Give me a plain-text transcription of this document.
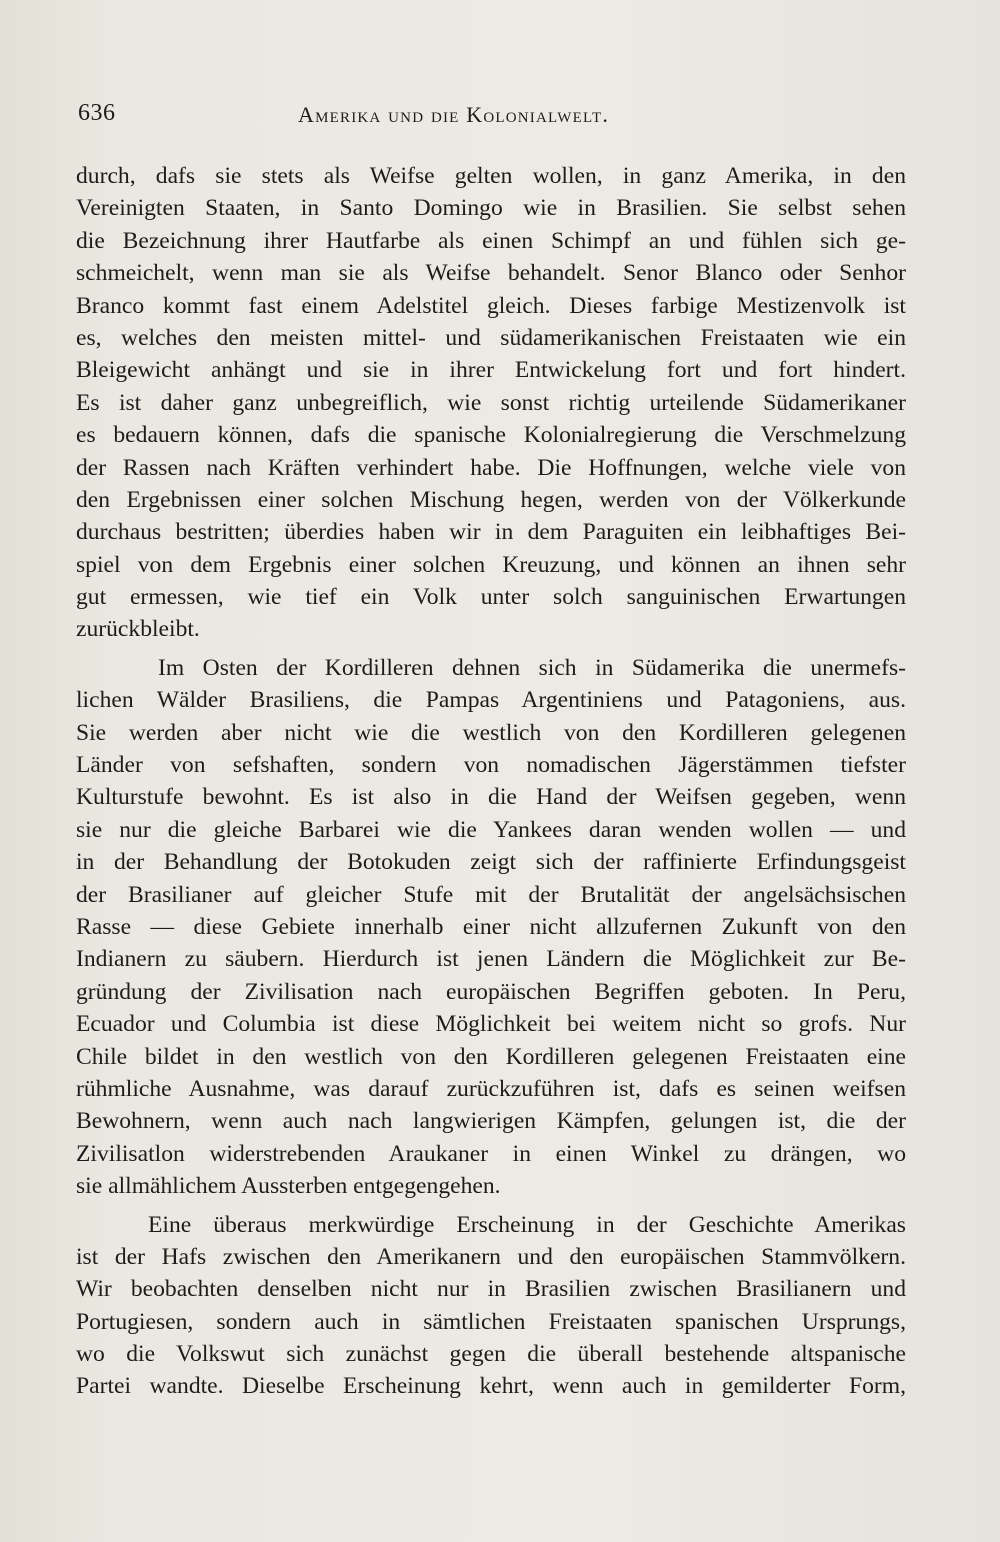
636	Amerika und die Kolonialwelt.
durch, dafs sie stets als Weifse gelten wollen, in ganz Amerika, in den
Vereinigten Staaten, in Santo Domingo wie in Brasilien. Sie selbst sehen
die Bezeichnung ihrer Hautfarbe als einen Schimpf an und fühlen sich ge-
schmeichelt, wenn man sie als Weifse behandelt. Senor Blanco oder Senhor
Branco kommt fast einem Adelstitel gleich. Dieses farbige Mestizenvolk ist
es, welches den meisten mittel- und südamerikanischen Freistaaten wie ein
Bleigewicht anhängt und sie in ihrer Entwickelung fort und fort hindert.
Es ist daher ganz unbegreiflich, wie sonst richtig urteilende Südamerikaner
es bedauern können, dafs die spanische Kolonialregierung die Verschmelzung
der Rassen nach Kräften verhindert habe. Die Hoffnungen, welche viele von
den Ergebnissen einer solchen Mischung hegen, werden von der Völkerkunde
durchaus bestritten; überdies haben wir in dem Paraguiten ein leibhaftiges Bei-
spiel von dem Ergebnis einer solchen Kreuzung, und können an ihnen sehr
gut ermessen, wie tief ein Volk unter solch sanguinischen Erwartungen
zurückbleibt.
Im Osten der Kordilleren dehnen sich in Südamerika die unermefs-
lichen Wälder Brasiliens, die Pampas Argentiniens und Patagoniens, aus.
Sie werden aber nicht wie die westlich von den Kordilleren gelegenen
Länder von sefshaften, sondern von nomadischen Jägerstämmen tiefster
Kulturstufe bewohnt. Es ist also in die Hand der Weifsen gegeben, wenn
sie nur die gleiche Barbarei wie die Yankees daran wenden wollen — und
in der Behandlung der Botokuden zeigt sich der raffinierte Erfindungsgeist
der Brasilianer auf gleicher Stufe mit der Brutalität der angelsächsischen
Rasse — diese Gebiete innerhalb einer nicht allzufernen Zukunft von den
Indianern zu säubern. Hierdurch ist jenen Ländern die Möglichkeit zur Be-
gründung der Zivilisation nach europäischen Begriffen geboten. In Peru,
Ecuador und Columbia ist diese Möglichkeit bei weitem nicht so grofs. Nur
Chile bildet in den westlich von den Kordilleren gelegenen Freistaaten eine
rühmliche Ausnahme, was darauf zurückzuführen ist, dafs es seinen weifsen
Bewohnern, wenn auch nach langwierigen Kämpfen, gelungen ist, die der
Zivilisatlon widerstrebenden Araukaner in einen Winkel zu drängen, wo
sie allmählichem Aussterben entgegengehen.
Eine überaus merkwürdige Erscheinung in der Geschichte Amerikas
ist der Hafs zwischen den Amerikanern und den europäischen Stammvölkern.
Wir beobachten denselben nicht nur in Brasilien zwischen Brasilianern und
Portugiesen, sondern auch in sämtlichen Freistaaten spanischen Ursprungs,
wo die Volkswut sich zunächst gegen die überall bestehende altspanische
Partei wandte. Dieselbe Erscheinung kehrt, wenn auch in gemilderter Form,
